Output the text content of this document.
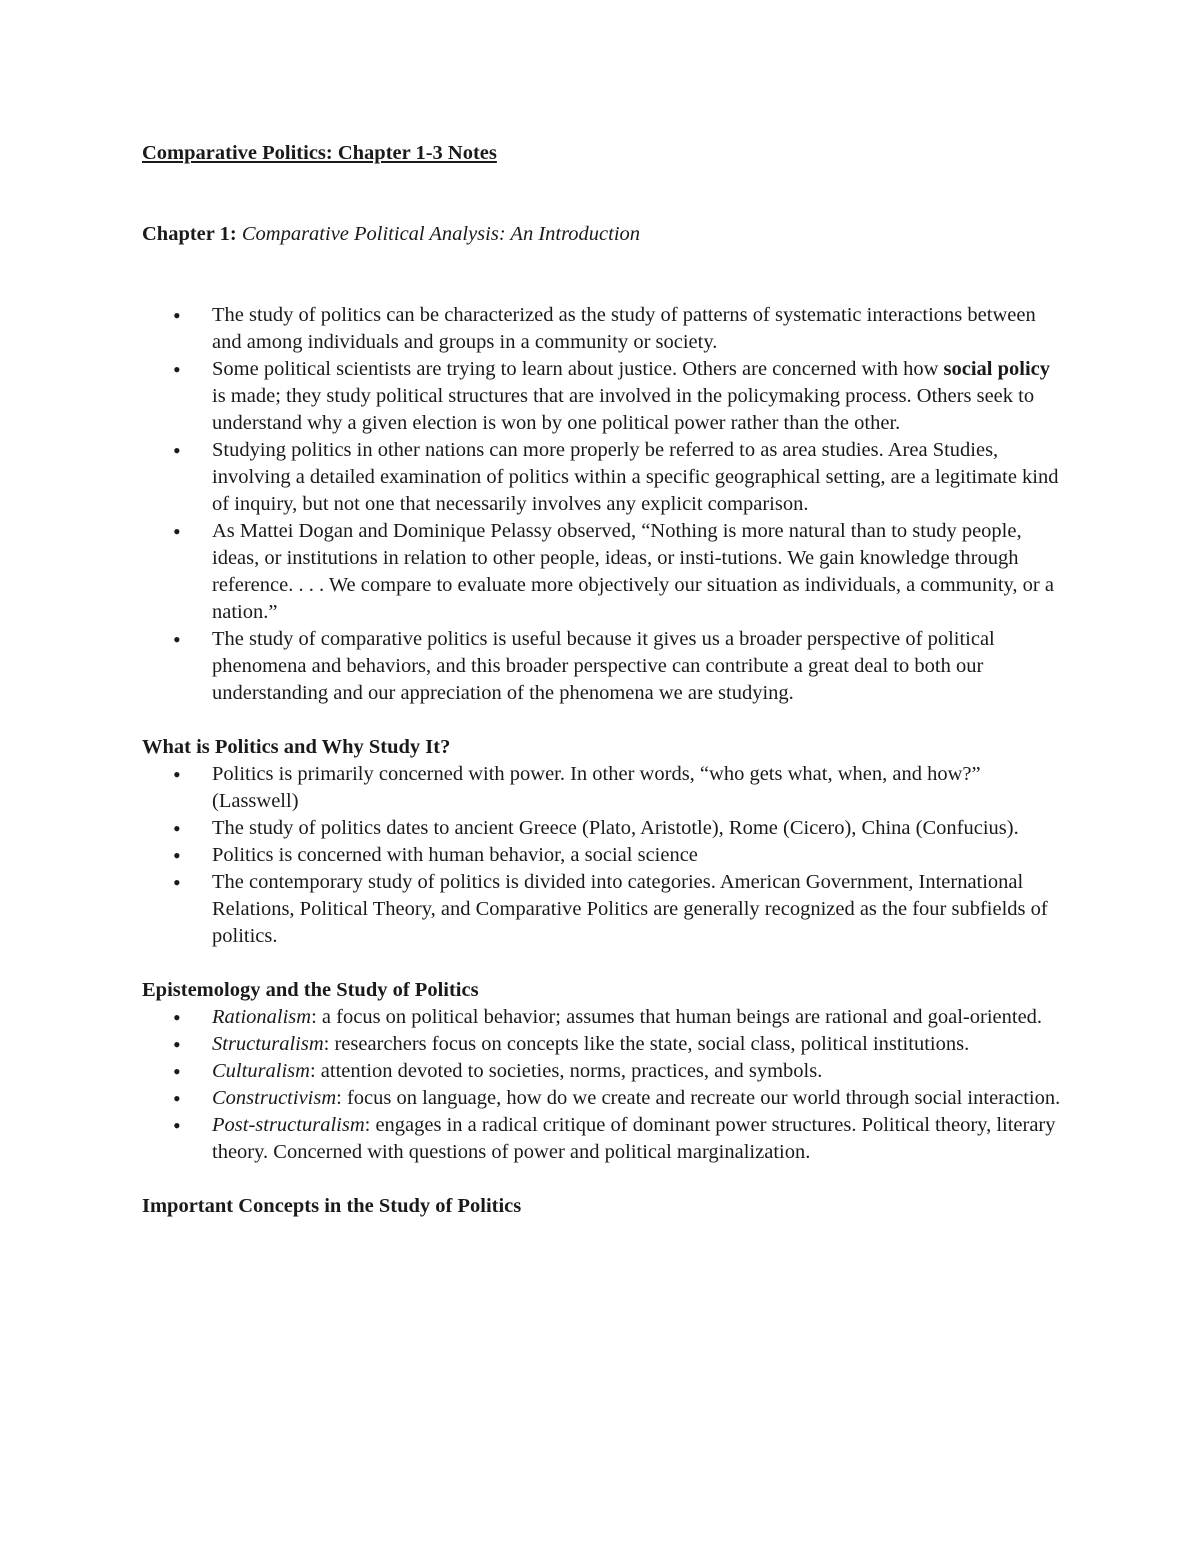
Comparative Politics: Chapter 1-3 Notes

Chapter 1: Comparative Political Analysis: An Introduction

• The study of politics can be characterized as the study of patterns of systematic interactions between and among individuals and groups in a community or society.
• Some political scientists are trying to learn about justice. Others are concerned with how social policy is made; they study political structures that are involved in the policymaking process. Others seek to understand why a given election is won by one political power rather than the other.
• Studying politics in other nations can more properly be referred to as area studies. Area Studies, involving a detailed examination of politics within a specific geographical setting, are a legitimate kind of inquiry, but not one that necessarily involves any explicit comparison.
• As Mattei Dogan and Dominique Pelassy observed, “Nothing is more natural than to study people, ideas, or institutions in relation to other people, ideas, or insti-tutions. We gain knowledge through reference. . . . We compare to evaluate more objectively our situation as individuals, a community, or a nation.”
• The study of comparative politics is useful because it gives us a broader perspective of political phenomena and behaviors, and this broader perspective can contribute a great deal to both our understanding and our appreciation of the phenomena we are studying.

What is Politics and Why Study It?

• Politics is primarily concerned with power. In other words, “who gets what, when, and how?” (Lasswell)
• The study of politics dates to ancient Greece (Plato, Aristotle), Rome (Cicero), China (Confucius).
• Politics is concerned with human behavior, a social science
• The contemporary study of politics is divided into categories. American Government, International Relations, Political Theory, and Comparative Politics are generally recognized as the four subfields of politics.

Epistemology and the Study of Politics

• Rationalism: a focus on political behavior; assumes that human beings are rational and goal-oriented.
• Structuralism: researchers focus on concepts like the state, social class, political institutions.
• Culturalism: attention devoted to societies, norms, practices, and symbols.
• Constructivism: focus on language, how do we create and recreate our world through social interaction.
• Post-structuralism: engages in a radical critique of dominant power structures. Political theory, literary theory. Concerned with questions of power and political marginalization.

Important Concepts in the Study of Politics
